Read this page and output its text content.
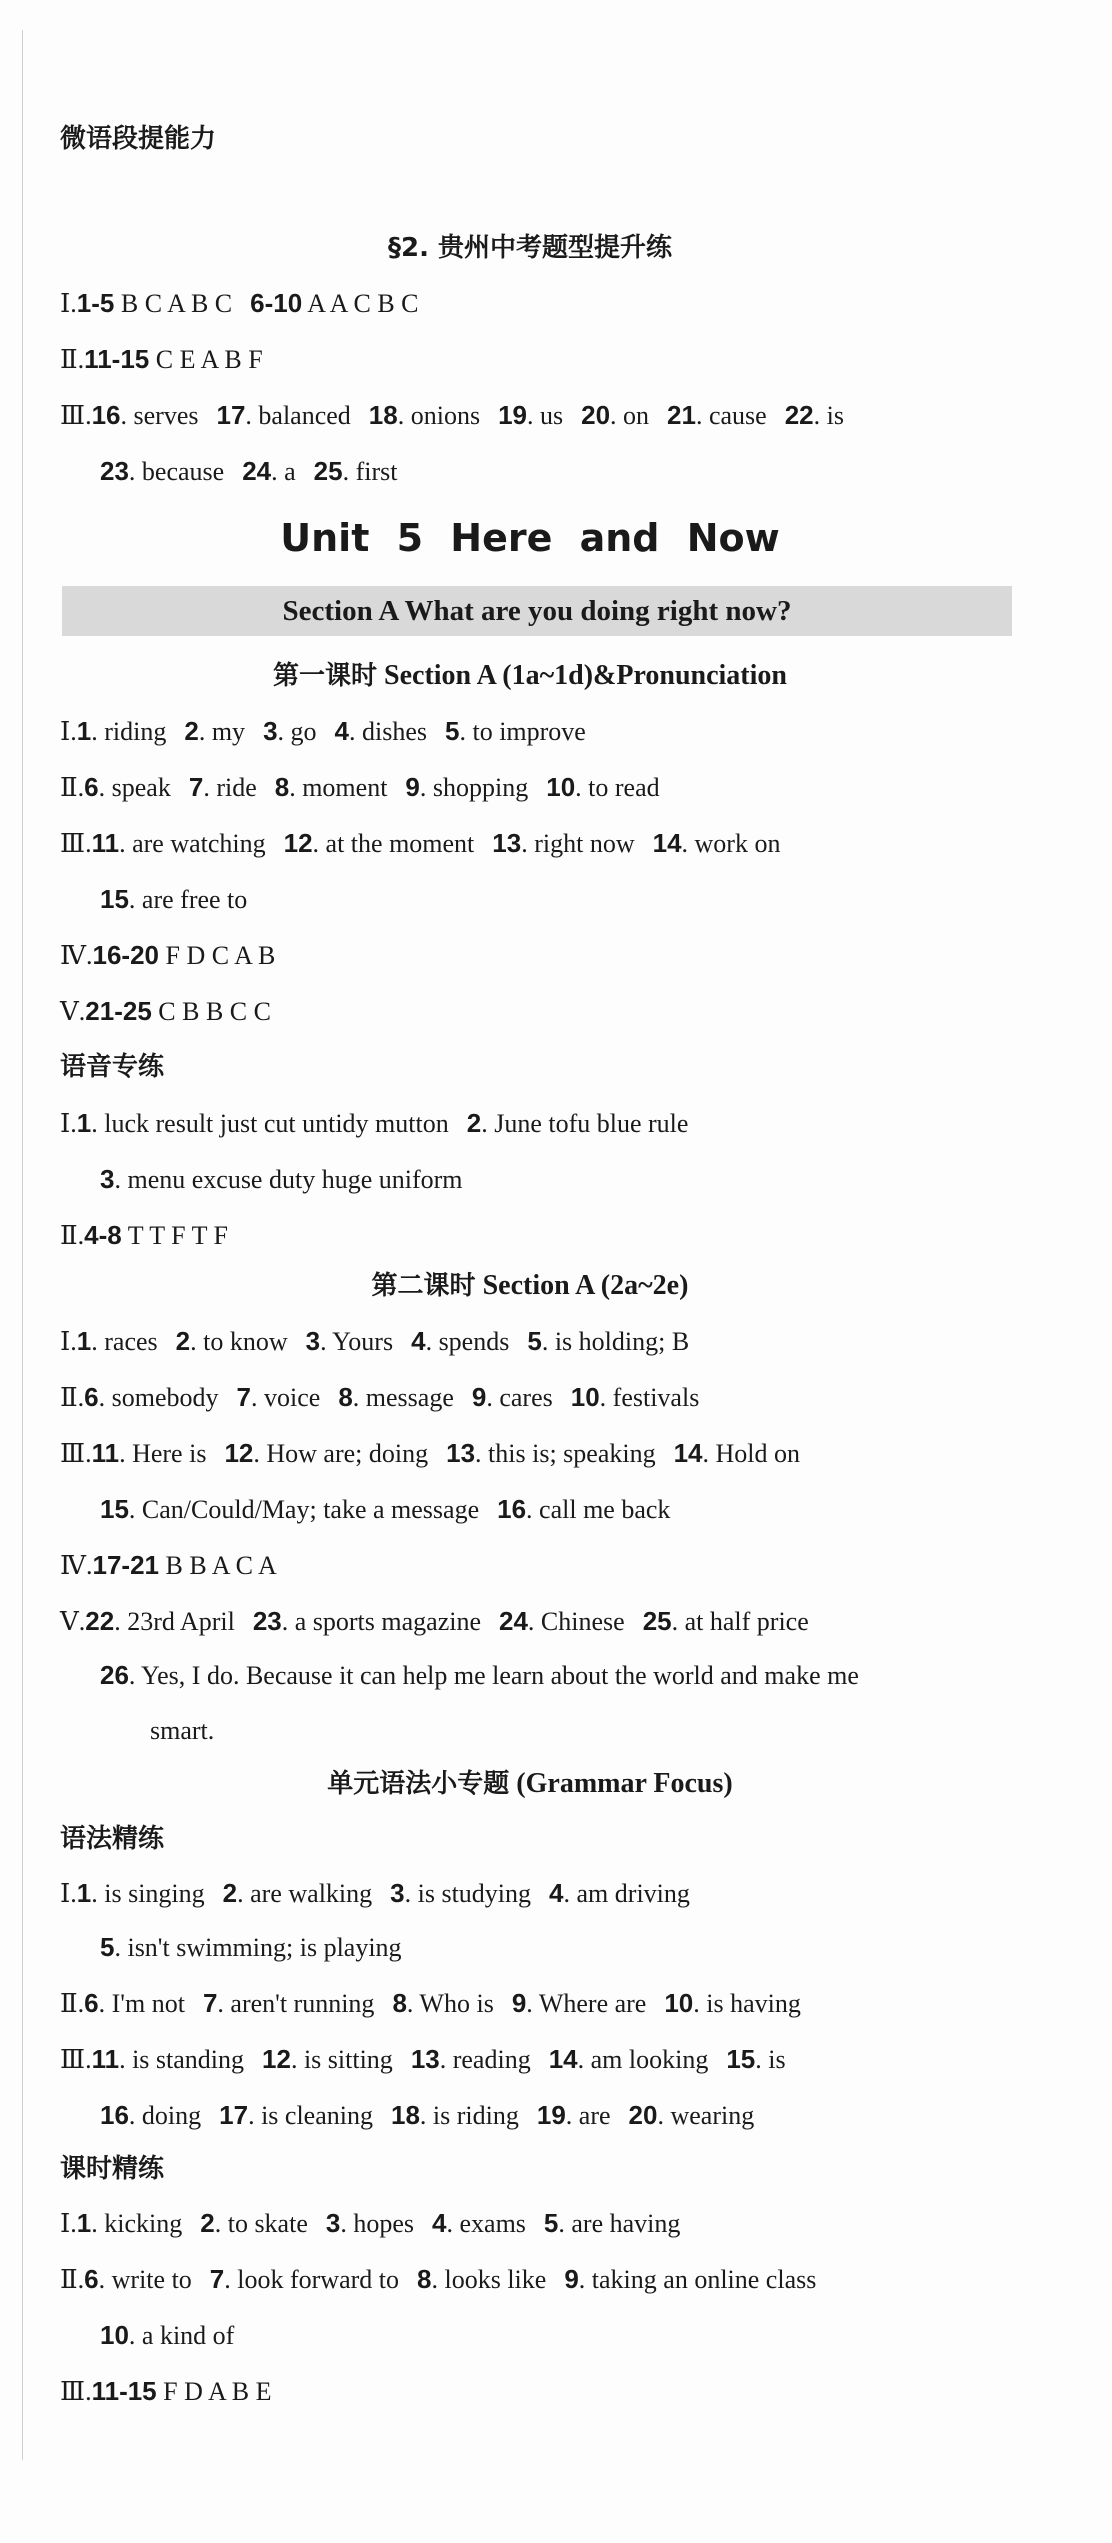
微语段提能力
§2. 贵州中考题型提升练
Ⅰ.1-5 B C A B C 6-10 A A C B C
Ⅱ.11-15 C E A B F
Ⅲ.16. serves 17. balanced 18. onions 19. us 20. on 21. cause 22. is
23. because 24. a 25. first
Unit 5 Here and Now
Section A What are you doing right now?
第一课时 Section A (1a~1d)&Pronunciation
Ⅰ.1. riding 2. my 3. go 4. dishes 5. to improve
Ⅱ.6. speak 7. ride 8. moment 9. shopping 10. to read
Ⅲ.11. are watching 12. at the moment 13. right now 14. work on
15. are free to
Ⅳ.16-20 F D C A B
Ⅴ.21-25 C B B C C
语音专练
Ⅰ.1. luck result just cut untidy mutton 2. June tofu blue rule
3. menu excuse duty huge uniform
Ⅱ.4-8 T T F T F
第二课时 Section A (2a~2e)
Ⅰ.1. races 2. to know 3. Yours 4. spends 5. is holding; B
Ⅱ.6. somebody 7. voice 8. message 9. cares 10. festivals
Ⅲ.11. Here is 12. How are; doing 13. this is; speaking 14. Hold on
15. Can/Could/May; take a message 16. call me back
Ⅳ.17-21 B B A C A
Ⅴ.22. 23rd April 23. a sports magazine 24. Chinese 25. at half price
26. Yes, I do. Because it can help me learn about the world and make me
smart.
单元语法小专题 (Grammar Focus)
语法精练
Ⅰ.1. is singing 2. are walking 3. is studying 4. am driving
5. isn't swimming; is playing
Ⅱ.6. I'm not 7. aren't running 8. Who is 9. Where are 10. is having
Ⅲ.11. is standing 12. is sitting 13. reading 14. am looking 15. is
16. doing 17. is cleaning 18. is riding 19. are 20. wearing
课时精练
Ⅰ.1. kicking 2. to skate 3. hopes 4. exams 5. are having
Ⅱ.6. write to 7. look forward to 8. looks like 9. taking an online class
10. a kind of
Ⅲ.11-15 F D A B E
